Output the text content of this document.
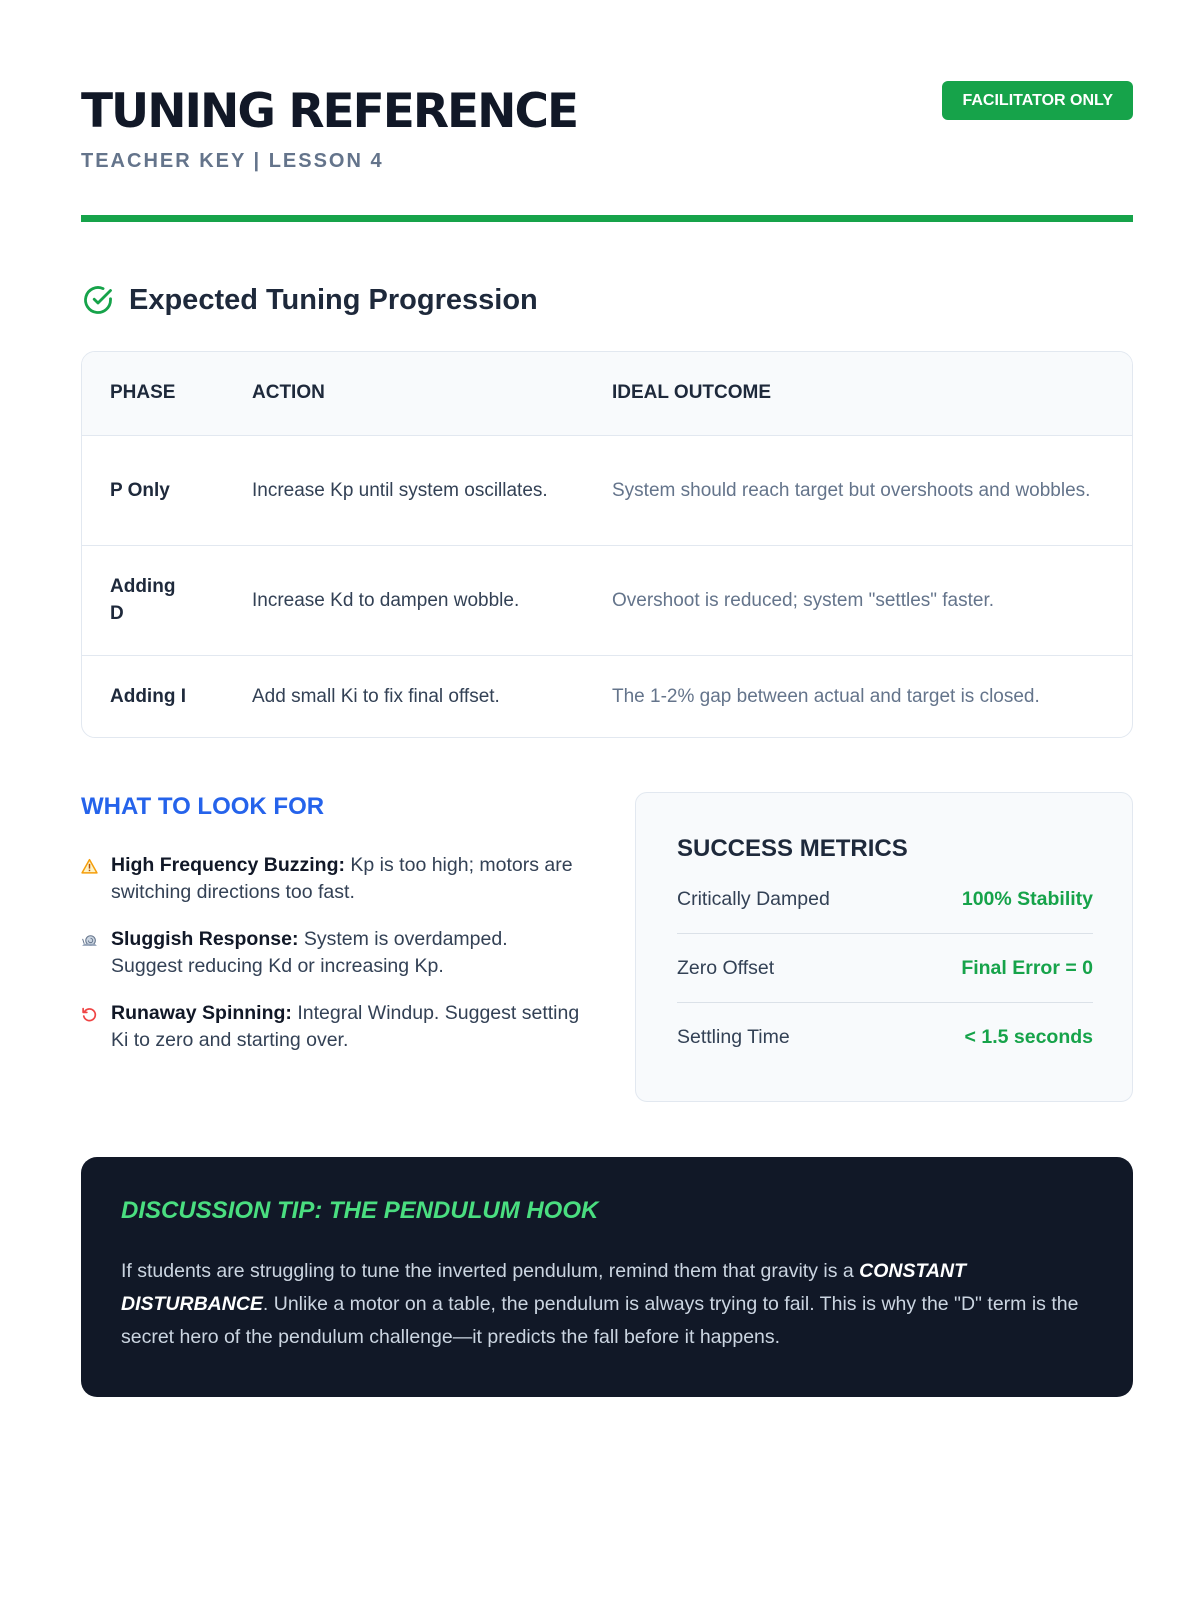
TUNING REFERENCE
TEACHER KEY | LESSON 4
FACILITATOR ONLY
Expected Tuning Progression
PHASE	ACTION	IDEAL OUTCOME
P Only	Increase Kp until system oscillates.	System should reach target but overshoots and wobbles.
Adding D	Increase Kd to dampen wobble.	Overshoot is reduced; system "settles" faster.
Adding I	Add small Ki to fix final offset.	The 1-2% gap between actual and target is closed.
WHAT TO LOOK FOR
High Frequency Buzzing: Kp is too high; motors are switching directions too fast.
Sluggish Response: System is overdamped. Suggest reducing Kd or increasing Kp.
Runaway Spinning: Integral Windup. Suggest setting Ki to zero and starting over.
SUCCESS METRICS
Critically Damped	100% Stability
Zero Offset	Final Error = 0
Settling Time	< 1.5 seconds
DISCUSSION TIP: THE PENDULUM HOOK

If students are struggling to tune the inverted pendulum, remind them that gravity is a CONSTANT DISTURBANCE. Unlike a motor on a table, the pendulum is always trying to fail. This is why the "D" term is the secret hero of the pendulum challenge—it predicts the fall before it happens.
